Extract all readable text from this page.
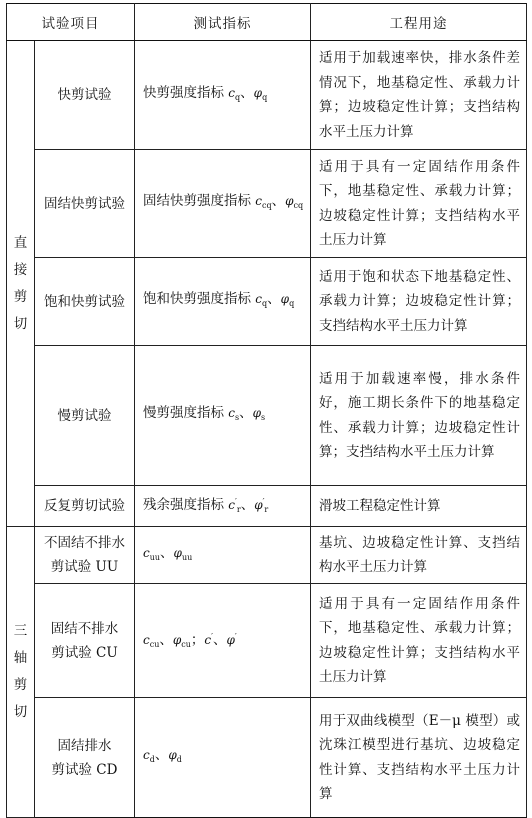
试验项目		测试指标	工程用途

直
接
剪
切	快剪试验	快剪强度指标 $c_q$、$\varphi_q$	适用于加载速率快，排水条件差情况下，地基稳定性、承载力计算；边坡稳定性计算；支挡结构水平土压力计算

	固结快剪试验	固结快剪强度指标 $c_{cq}$、$\varphi_{cq}$	适用于具有一定固结作用条件下，地基稳定性、承载力计算；边坡稳定性计算；支挡结构水平土压力计算

	饱和快剪试验	饱和快剪强度指标 $c_q$、$\varphi_q$	适用于饱和状态下地基稳定性、承载力计算；边坡稳定性计算；支挡结构水平土压力计算

	慢剪试验	慢剪强度指标 $c_s$、$\varphi_s$	适用于加载速率慢，排水条件好，施工期长条件下的地基稳定性、承载力计算；边坡稳定性计算；支挡结构水平土压力计算

	反复剪切试验	残余强度指标 $c'_r$、$\varphi'_r$	滑坡工程稳定性计算

三
轴
剪
切	不固结不排水
剪试验 UU	$c_{uu}$、$\varphi_{uu}$	基坑、边坡稳定性计算、支挡结构水平土压力计算

	固结不排水
剪试验 CU	$c_{cu}$、$\varphi_{cu}$；c′、φ′	适用于具有一定固结作用条件下，地基稳定性、承载力计算；边坡稳定性计算；支挡结构水平土压力计算

	固结排水
剪试验 CD	$c_d$、$\varphi_d$	用于双曲线模型（E－μ 模型）或沈珠江模型进行基坑、边坡稳定性计算、支挡结构水平土压力计算
